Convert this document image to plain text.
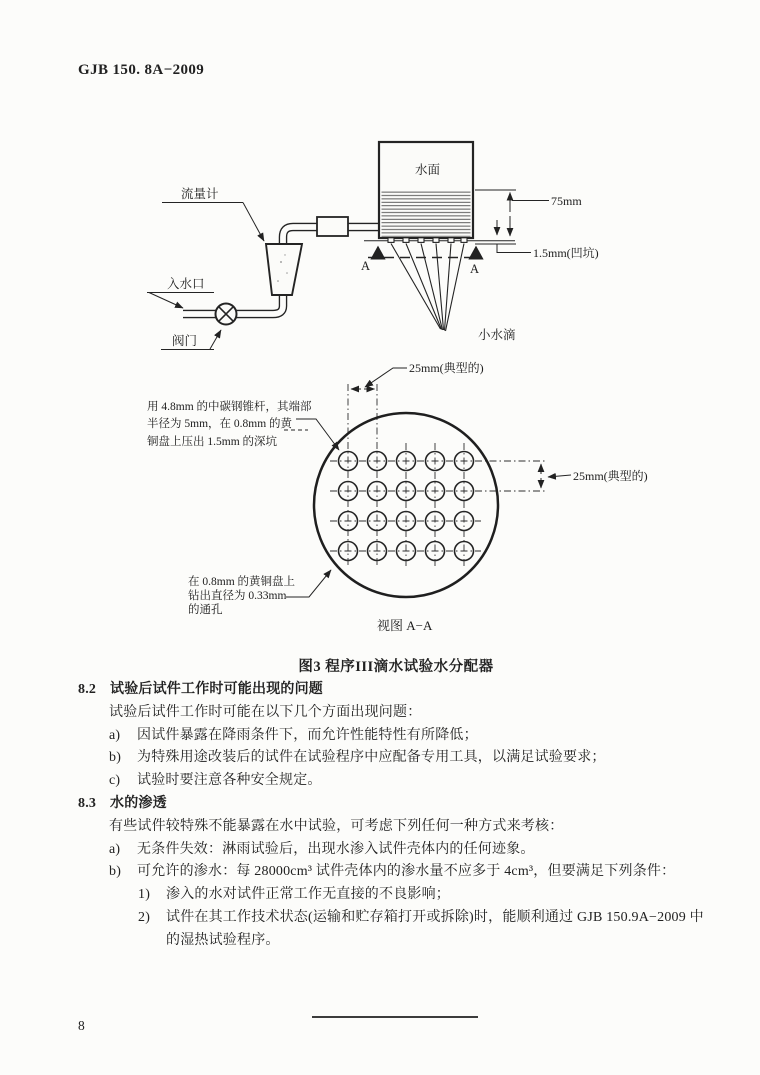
GJB 150. 8A−2009
流量计
入水口
阀门
水面
小水滴
A	A
75mm
1.5mm(凹坑)
25mm(典型的)
25mm(典型的)
视图 A−A
用 4.8mm 的中碳钢锥杆，其端部
半径为 5mm，在 0.8mm 的黄
铜盘上压出 1.5mm 的深坑
在 0.8mm 的黄铜盘上
钻出直径为 0.33mm
的通孔
图3 程序III滴水试验水分配器
8.2 试验后试件工作时可能出现的问题
试验后试件工作时可能在以下几个方面出现问题：
a)	因试件暴露在降雨条件下，而允许性能特性有所降低；
b)	为特殊用途改装后的试件在试验程序中应配备专用工具，以满足试验要求；
c)	试验时要注意各种安全规定。
8.3 水的渗透
有些试件较特殊不能暴露在水中试验，可考虑下列任何一种方式来考核：
a)	无条件失效：淋雨试验后，出现水渗入试件壳体内的任何迹象。
b)	可允许的渗水：每 28000cm³ 试件壳体内的渗水量不应多于 4cm³，但要满足下列条件：
1)	渗入的水对试件正常工作无直接的不良影响；
2)	试件在其工作技术状态(运输和贮存箱打开或拆除)时，能顺利通过 GJB 150.9A−2009 中的湿热试验程序。
8
